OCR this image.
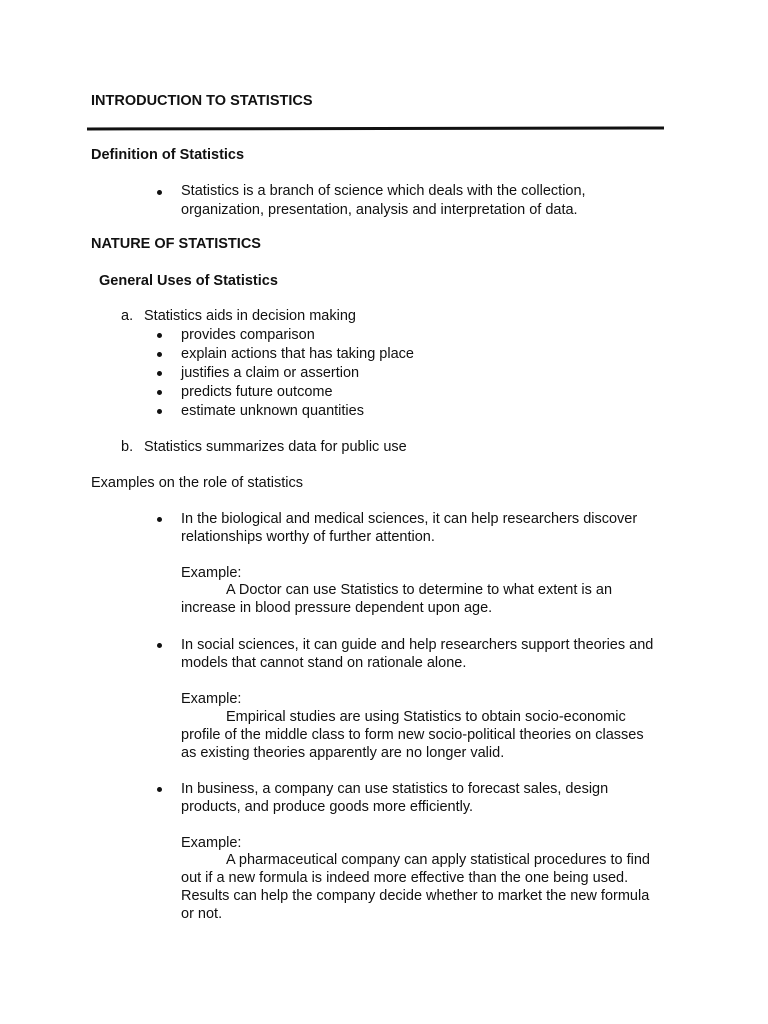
INTRODUCTION TO STATISTICS
Definition of Statistics
Statistics is a branch of science which deals with the collection,
organization, presentation, analysis and interpretation of data.
NATURE OF STATISTICS
General Uses of Statistics
a. Statistics aids in decision making
provides comparison
explain actions that has taking place
justifies a claim or assertion
predicts future outcome
estimate unknown quantities
b. Statistics summarizes data for public use
Examples on the role of statistics
In the biological and medical sciences, it can help researchers discover
relationships worthy of further attention.
Example:
A Doctor can use Statistics to determine to what extent is an
increase in blood pressure dependent upon age.
In social sciences, it can guide and help researchers support theories and
models that cannot stand on rationale alone.
Example:
Empirical studies are using Statistics to obtain socio-economic
profile of the middle class to form new socio-political theories on classes
as existing theories apparently are no longer valid.
In business, a company can use statistics to forecast sales, design
products, and produce goods more efficiently.
Example:
A pharmaceutical company can apply statistical procedures to find
out if a new formula is indeed more effective than the one being used.
Results can help the company decide whether to market the new formula
or not.
